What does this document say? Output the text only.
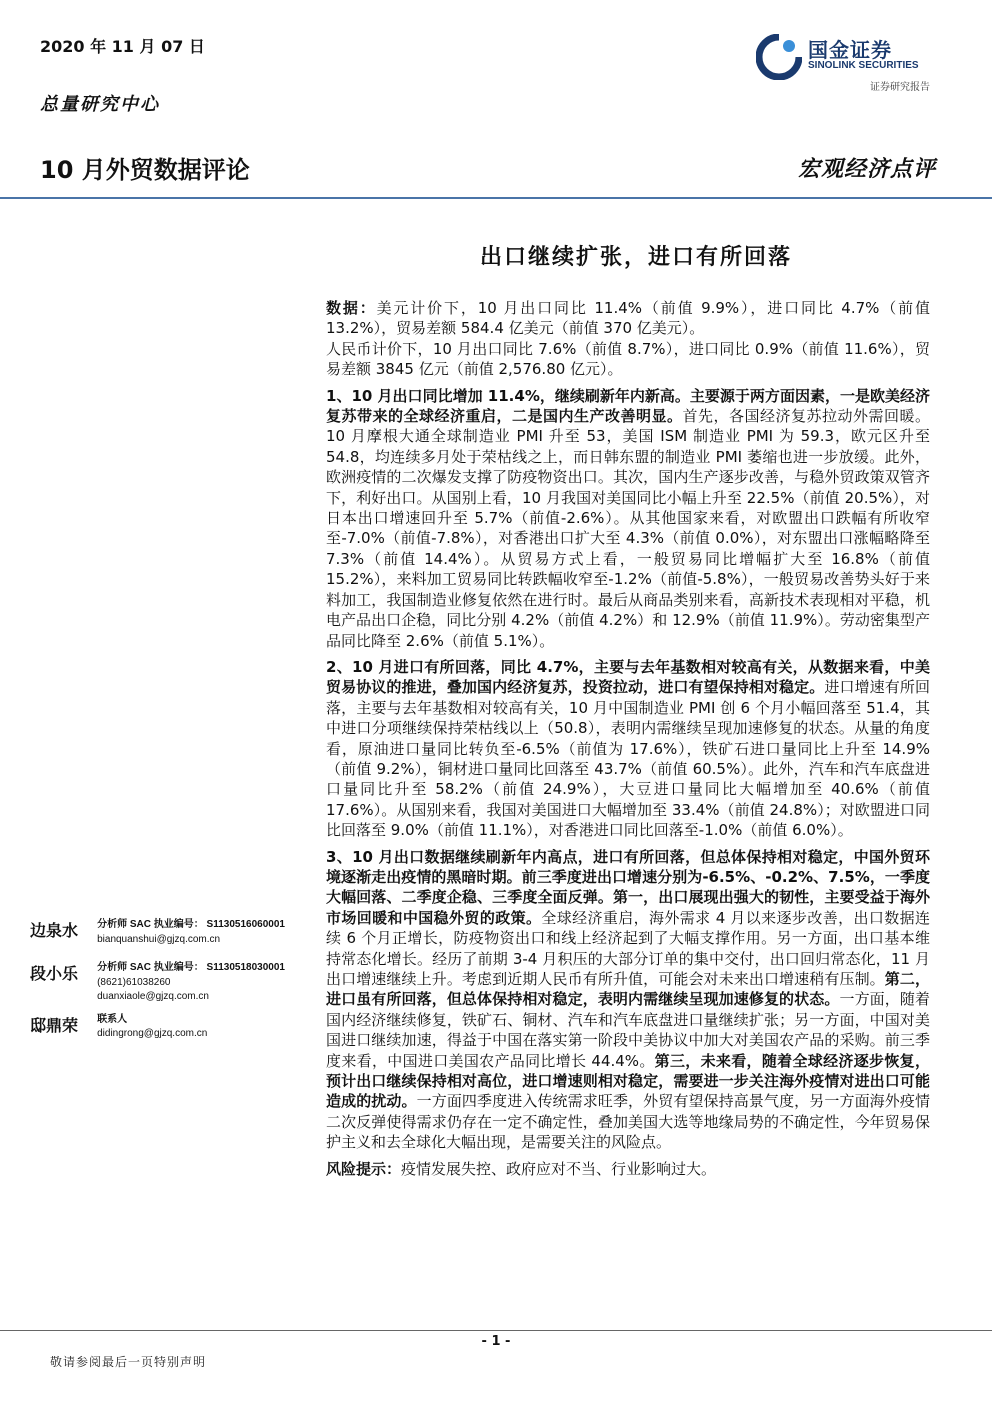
2020 年 11 月 07 日
总量研究中心
国金证券
SINOLINK SECURITIES
证券研究报告
10 月外贸数据评论	宏观经济点评
出口继续扩张，进口有所回落

数据：美元计价下，10 月出口同比 11.4%（前值 9.9%），进口同比 4.7%（前值 13.2%），贸易差额 584.4 亿美元（前值 370 亿美元）。

人民币计价下，10 月出口同比 7.6%（前值 8.7%），进口同比 0.9%（前值 11.6%），贸易差额 3845 亿元（前值 2,576.80 亿元）。

1、10 月出口同比增加 11.4%，继续刷新年内新高。主要源于两方面因素，一是欧美经济复苏带来的全球经济重启，二是国内生产改善明显。首先，各国经济复苏拉动外需回暖。10 月摩根大通全球制造业 PMI 升至 53，美国 ISM 制造业 PMI 为 59.3，欧元区升至 54.8，均连续多月处于荣枯线之上，而日韩东盟的制造业 PMI 萎缩也进一步放缓。此外，欧洲疫情的二次爆发支撑了防疫物资出口。其次，国内生产逐步改善，与稳外贸政策双管齐下，利好出口。从国别上看，10 月我国对美国同比小幅上升至 22.5%（前值 20.5%），对日本出口增速回升至 5.7%（前值-2.6%）。从其他国家来看，对欧盟出口跌幅有所收窄至-7.0%（前值-7.8%），对香港出口扩大至 4.3%（前值 0.0%），对东盟出口涨幅略降至 7.3%（前值 14.4%）。从贸易方式上看，一般贸易同比增幅扩大至 16.8%（前值 15.2%），来料加工贸易同比转跌幅收窄至-1.2%（前值-5.8%），一般贸易改善势头好于来料加工，我国制造业修复依然在进行时。最后从商品类别来看，高新技术表现相对平稳，机电产品出口企稳，同比分别 4.2%（前值 4.2%）和 12.9%（前值 11.9%）。劳动密集型产品同比降至 2.6%（前值 5.1%）。

2、10 月进口有所回落，同比 4.7%，主要与去年基数相对较高有关，从数据来看，中美贸易协议的推进，叠加国内经济复苏，投资拉动，进口有望保持相对稳定。进口增速有所回落，主要与去年基数相对较高有关，10 月中国制造业 PMI 创 6 个月小幅回落至 51.4，其中进口分项继续保持荣枯线以上（50.8），表明内需继续呈现加速修复的状态。从量的角度看，原油进口量同比转负至-6.5%（前值为 17.6%），铁矿石进口量同比上升至 14.9%（前值 9.2%），铜材进口量同比回落至 43.7%（前值 60.5%）。此外，汽车和汽车底盘进口量同比升至 58.2%（前值 24.9%），大豆进口量同比大幅增加至 40.6%（前值 17.6%）。从国别来看，我国对美国进口大幅增加至 33.4%（前值 24.8%）；对欧盟进口同比回落至 9.0%（前值 11.1%），对香港进口同比回落至-1.0%（前值 6.0%）。

3、10 月出口数据继续刷新年内高点，进口有所回落，但总体保持相对稳定，中国外贸环境逐渐走出疫情的黑暗时期。前三季度进出口增速分别为-6.5%、-0.2%、7.5%，一季度大幅回落、二季度企稳、三季度全面反弹。第一，出口展现出强大的韧性，主要受益于海外市场回暖和中国稳外贸的政策。全球经济重启，海外需求 4 月以来逐步改善，出口数据连续 6 个月正增长，防疫物资出口和线上经济起到了大幅支撑作用。另一方面，出口基本维持常态化增长。经历了前期 3-4 月积压的大部分订单的集中交付，出口回归常态化，11 月出口增速继续上升。考虑到近期人民币有所升值，可能会对未来出口增速稍有压制。第二，进口虽有所回落，但总体保持相对稳定，表明内需继续呈现加速修复的状态。一方面，随着国内经济继续修复，铁矿石、铜材、汽车和汽车底盘进口量继续扩张；另一方面，中国对美国进口继续加速，得益于中国在落实第一阶段中美协议中加大对美国农产品的采购。前三季度来看，中国进口美国农产品同比增长 44.4%。第三，未来看，随着全球经济逐步恢复，预计出口继续保持相对高位，进口增速则相对稳定，需要进一步关注海外疫情对进出口可能造成的扰动。一方面四季度进入传统需求旺季，外贸有望保持高景气度，另一方面海外疫情二次反弹使得需求仍存在一定不确定性，叠加美国大选等地缘局势的不确定性，今年贸易保护主义和去全球化大幅出现，是需要关注的风险点。

风险提示：疫情发展失控、政府应对不当、行业影响过大。

边泉水 分析师 SAC 执业编号： S1130516060001
bianquanshui@gjzq.com.cn
段小乐 分析师 SAC 执业编号： S1130518030001
(8621)61038260
duanxiaole@gjzq.com.cn
邸鼎荣 联系人
didingrong@gjzq.com.cn
- 1 -
敬请参阅最后一页特别声明
